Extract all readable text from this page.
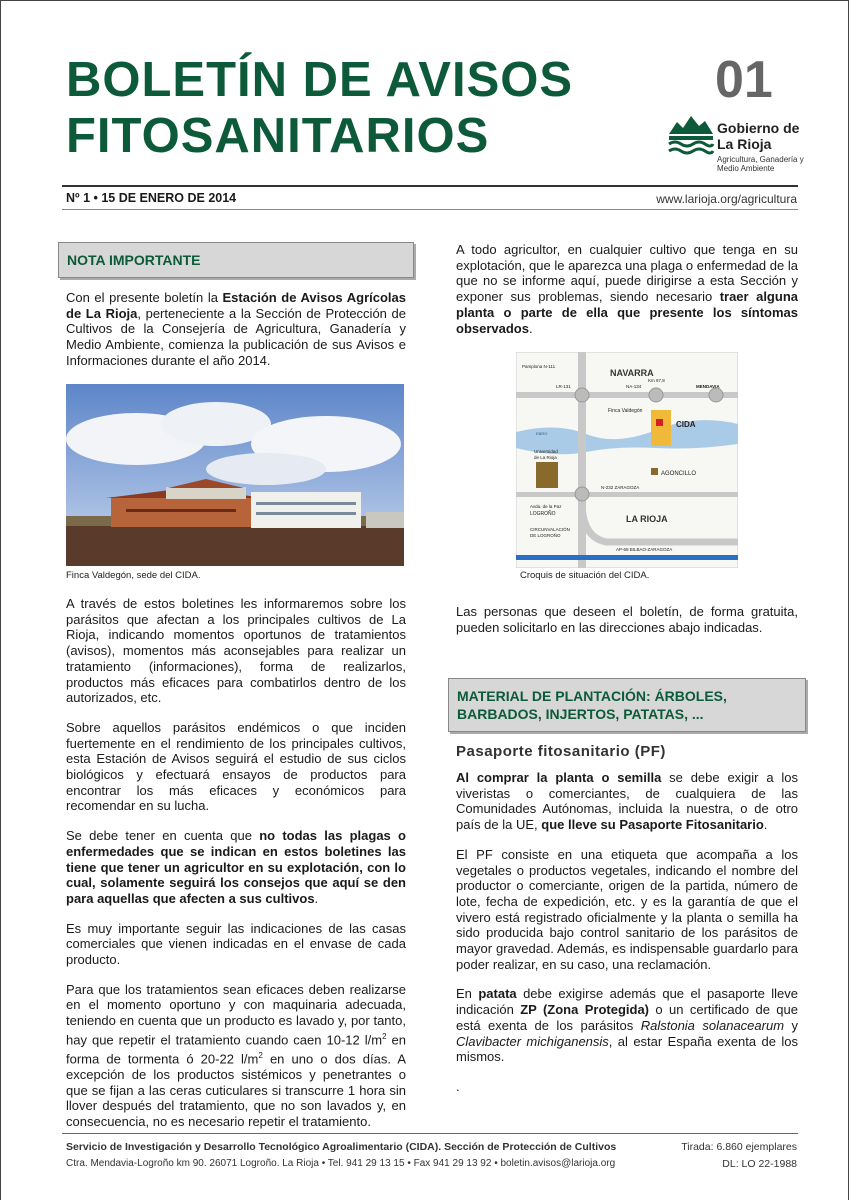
BOLETÍN DE AVISOS
FITOSANITARIOS
01
Gobierno de La Rioja
Agricultura, Ganadería y Medio Ambiente
Nº 1 • 15 DE ENERO DE 2014	www.larioja.org/agricultura
NOTA IMPORTANTE

Con el presente boletín la Estación de Avisos Agrícolas de La Rioja, perteneciente a la Sección de Protección de Cultivos de la Consejería de Agricultura, Ganadería y Medio Ambiente, comienza la publicación de sus Avisos e Informaciones durante el año 2014.

Finca Valdegón, sede del CIDA.

A través de estos boletines les informaremos sobre los parásitos que afectan a los principales cultivos de La Rioja, indicando momentos oportunos de tratamientos (avisos), momentos más aconsejables para realizar un tratamiento (informaciones), forma de realizarlos, productos más eficaces para combatirlos dentro de los autorizados, etc.

Sobre aquellos parásitos endémicos o que inciden fuertemente en el rendimiento de los principales cultivos, esta Estación de Avisos seguirá el estudio de sus ciclos biológicos y efectuará ensayos de productos para encontrar los más eficaces y económicos para recomendar en su lucha.

Se debe tener en cuenta que no todas las plagas o enfermedades que se indican en estos boletines las tiene que tener un agricultor en su explotación, con lo cual, solamente seguirá los consejos que aquí se den para aquellas que afecten a sus cultivos.

Es muy importante seguir las indicaciones de las casas comerciales que vienen indicadas en el envase de cada producto.

Para que los tratamientos sean eficaces deben realizarse en el momento oportuno y con maquinaria adecuada, teniendo en cuenta que un producto es lavado y, por tanto, hay que repetir el tratamiento cuando caen 10-12 $l/m^2$ en forma de tormenta ó 20-22 $l/m^2$ en uno o dos días. A excepción de los productos sistémicos y penetrantes o que se fijan a las ceras cuticulares si transcurre 1 hora sin llover después del tratamiento, que no son lavados y, en consecuencia, no es necesario repetir el tratamiento.

A todo agricultor, en cualquier cultivo que tenga en su explotación, que le aparezca una plaga o enfermedad de la que no se informe aquí, puede dirigirse a esta Sección y exponer sus problemas, siendo necesario traer alguna planta o parte de ella que presente los síntomas observados.

NAVARRA
LA RIOJA
CIDA
AGONCILLO
Pamplona N-111
LR-131	NA-134
Km 87,8
MENDAVIA
Finca Valdegón
EBRO
Universidad
de La Rioja
N-232 ZARAGOZA
Avda. de la Paz
LOGROÑO
CIRCUNVALACIÓN
DE LOGROÑO
AP-68 BILBAO-ZARAGOZA
Croquis de situación del CIDA.

Las personas que deseen el boletín, de forma gratuita, pueden solicitarlo en las direcciones abajo indicadas.

MATERIAL DE PLANTACIÓN: ÁRBOLES, BARBADOS, INJERTOS, PATATAS, ...
Pasaporte fitosanitario (PF)

Al comprar la planta o semilla se debe exigir a los viveristas o comerciantes, de cualquiera de las Comunidades Autónomas, incluida la nuestra, o de otro país de la UE, que lleve su Pasaporte Fitosanitario.

El PF consiste en una etiqueta que acompaña a los vegetales o productos vegetales, indicando el nombre del productor o comerciante, origen de la partida, número de lote, fecha de expedición, etc. y es la garantía de que el vivero está registrado oficialmente y la planta o semilla ha sido producida bajo control sanitario de los parásitos de mayor gravedad. Además, es indispensable guardarlo para poder realizar, en su caso, una reclamación.

En patata debe exigirse además que el pasaporte lleve indicación ZP (Zona Protegida) o un certificado de que está exenta de los parásitos Ralstonia solanacearum y Clavibacter michiganensis, al estar España exenta de los mismos.

.

Servicio de Investigación y Desarrollo Tecnológico Agroalimentario (CIDA). Sección de Protección de Cultivos
Ctra. Mendavia-Logroño km 90. 26071 Logroño. La Rioja • Tel. 941 29 13 15 • Fax 941 29 13 92 • boletin.avisos@larioja.org
Tirada: 6.860 ejemplares
DL: LO 22-1988
